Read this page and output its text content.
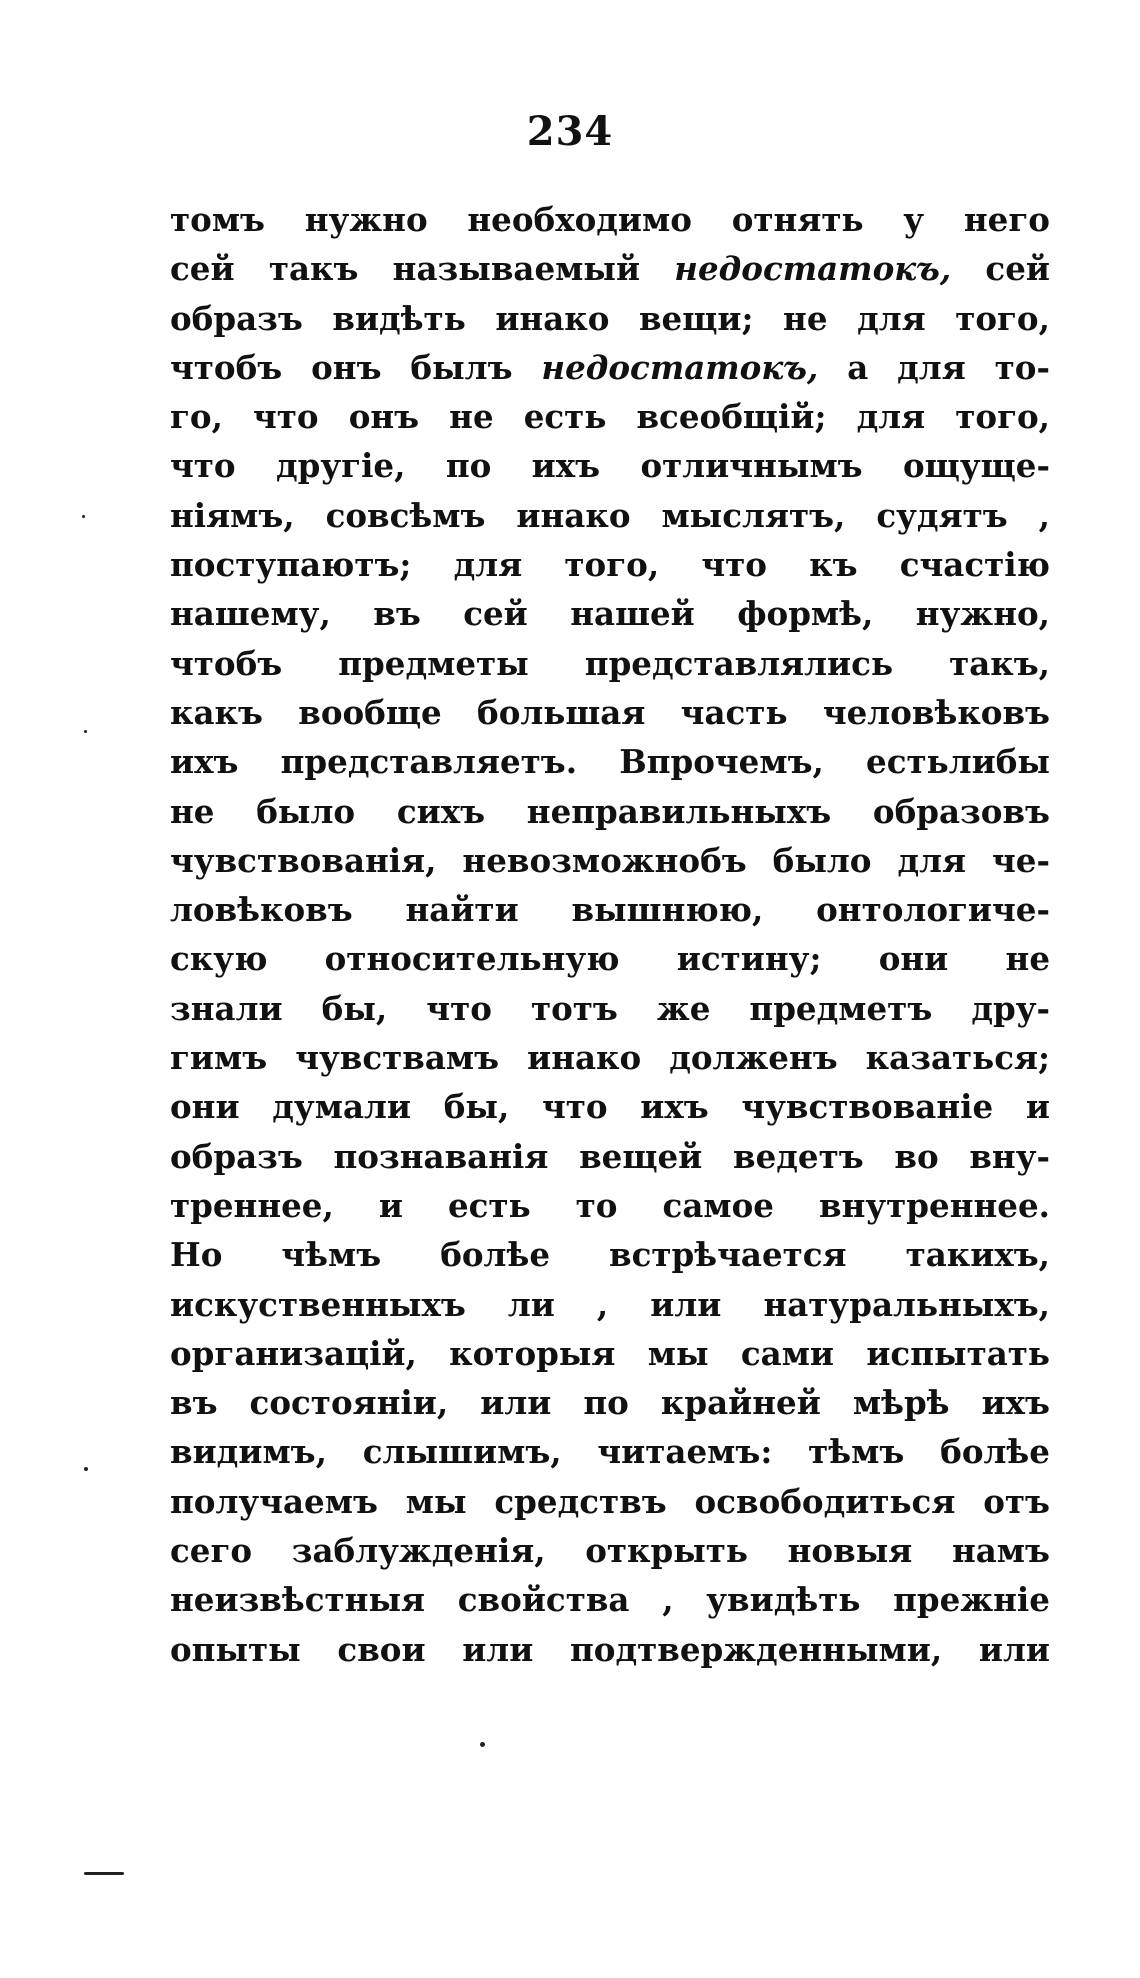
234
томъ нужно необходимо отнять у него
сей такъ называемый недостатокъ, сей
образъ видѣть инако вещи; не для того,
чтобъ онъ былъ недостатокъ, а для то-
го, что онъ не есть всеобщій; для того,
что другіе, по ихъ отличнымъ ощуще-
ніямъ, совсѣмъ инако мыслятъ, судятъ ,
поступаютъ; для того, что къ счастію
нашему, въ сей нашей формѣ, нужно,
чтобъ предметы представлялись такъ,
какъ вообще большая часть человѣковъ
ихъ представляетъ. Впрочемъ, естьлибы
не было сихъ неправильныхъ образовъ
чувствованія, невозможнобъ было для че-
ловѣковъ найти вышнюю, онтологиче-
скую относительную истину; они не
знали бы, что тотъ же предметъ дру-
гимъ чувствамъ инако долженъ казаться;
они думали бы, что ихъ чувствованіе и
образъ познаванія вещей ведетъ во вну-
треннее, и есть то самое внутреннее.
Но чѣмъ болѣе встрѣчается такихъ,
искуственныхъ ли , или натуральныхъ,
организацій, которыя мы сами испытать
въ состояніи, или по крайней мѣрѣ ихъ
видимъ, слышимъ, читаемъ: тѣмъ болѣе
получаемъ мы средствъ освободиться отъ
сего заблужденія, открыть новыя намъ
неизвѣстныя свойства , увидѣть прежніе
опыты свои или подтвержденными, или
